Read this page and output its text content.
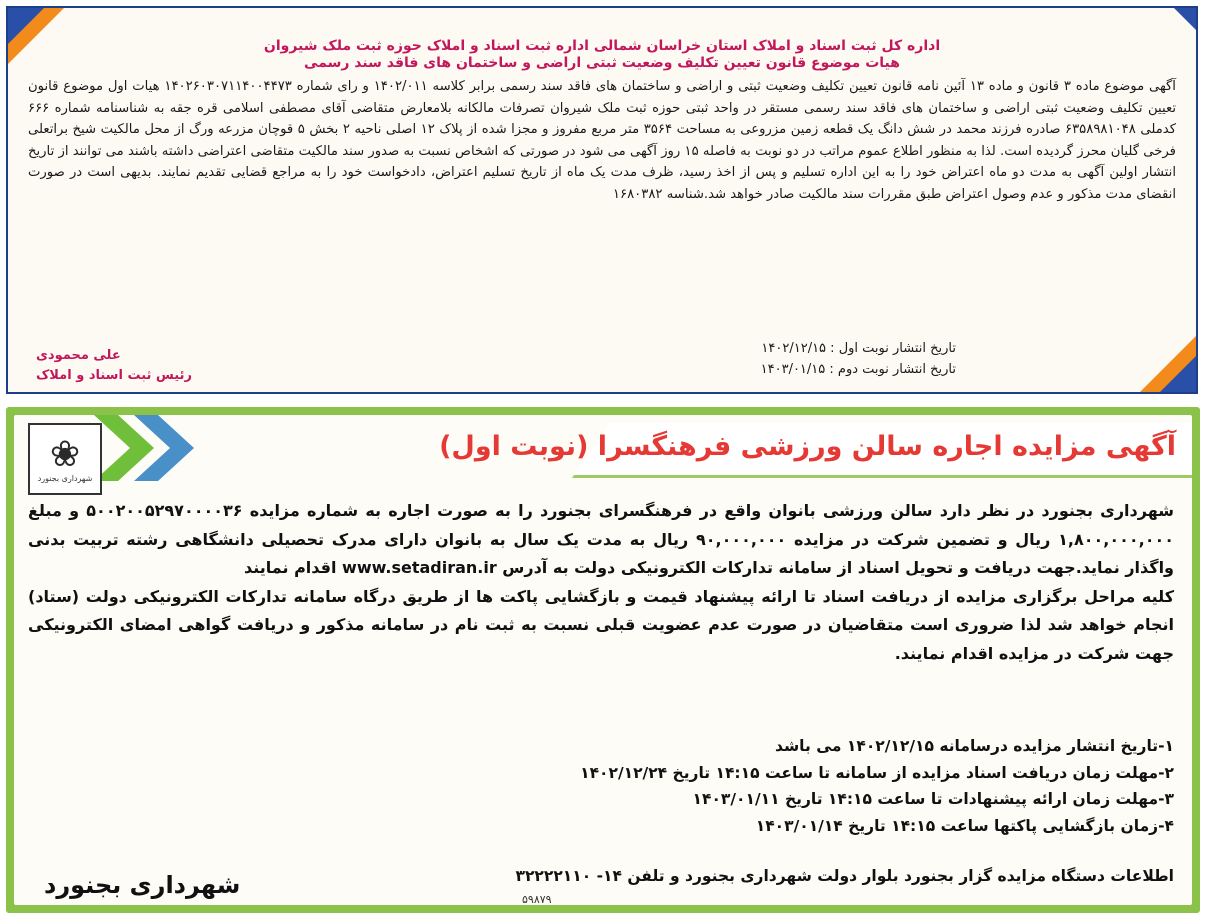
اداره کل ثبت اسناد و املاک استان خراسان شمالی اداره ثبت اسناد و املاک حوزه ثبت ملک شیروان
هیات موضوع قانون تعیین تکلیف وضعیت ثبتی اراضی و ساختمان های فاقد سند رسمی
آگهی موضوع ماده ۳ قانون و ماده ۱۳ آئین نامه قانون تعیین تکلیف وضعیت ثبتی و اراضی و ساختمان های فاقد سند رسمی برابر کلاسه ۱۴۰۲/۰۱۱ و رای شماره ۱۴۰۲۶۰۳۰۷۱۱۴۰۰۴۴۷۳ هیات اول موضوع قانون تعیین تکلیف وضعیت ثبتی اراضی و ساختمان های فاقد سند رسمی مستقر در واحد ثبتی حوزه ثبت ملک شیروان تصرفات مالکانه بلامعارض متقاضی آقای مصطفی اسلامی قره جقه به شناسنامه شماره ۶۶۶ کدملی ۶۳۵۸۹۸۱۰۴۸ صادره فرزند محمد در شش دانگ یک قطعه زمین مزروعی به مساحت ۳۵۶۴ متر مربع مفروز و مجزا شده از پلاک ۱۲ اصلی ناحیه ۲ بخش ۵ قوچان مزرعه ورگ از محل مالکیت شیخ براتعلی فرخی گلیان محرز گردیده است. لذا به منظور اطلاع عموم مراتب در دو نوبت به فاصله ۱۵ روز آگهی می شود در صورتی که اشخاص نسبت به صدور سند مالکیت متقاضی اعتراضی داشته باشند می توانند از تاریخ انتشار اولین آگهی به مدت دو ماه اعتراض خود را به این اداره تسلیم و پس از اخذ رسید، ظرف مدت یک ماه از تاریخ تسلیم اعتراض، دادخواست خود را به مراجع قضایی تقدیم نمایند. بدیهی است در صورت انقضای مدت مذکور و عدم وصول اعتراض طبق مقررات سند مالکیت صادر خواهد شد.شناسه ۱۶۸۰۳۸۲
تاریخ انتشار نوبت اول : ۱۴۰۲/۱۲/۱۵
تاریخ انتشار نوبت دوم : ۱۴۰۳/۰۱/۱۵
علی محمودی
رئیس ثبت اسناد و املاک
❀
شهرداری بجنورد
آگهی مزایده اجاره سالن ورزشی فرهنگسرا (نوبت اول)
شهرداری بجنورد در نظر دارد سالن ورزشی بانوان واقع در فرهنگسرای بجنورد را به صورت اجاره به شماره مزایده ۵۰۰۲۰۰۵۲۹۷۰۰۰۰۳۶ و مبلغ ۱,۸۰۰,۰۰۰,۰۰۰ ریال و تضمین شرکت در مزایده ۹۰,۰۰۰,۰۰۰ ریال به مدت یک سال به بانوان دارای مدرک تحصیلی دانشگاهی رشته تربیت بدنی واگذار نماید.جهت دریافت و تحویل اسناد از سامانه تدارکات الکترونیکی دولت به آدرس www.setadiran.ir اقدام نمایند
کلیه مراحل برگزاری مزایده از دریافت اسناد تا ارائه پیشنهاد قیمت و بازگشایی پاکت ها از طریق درگاه سامانه تدارکات الکترونیکی دولت (ستاد) انجام خواهد شد لذا ضروری است متقاضیان در صورت عدم عضویت قبلی نسبت به ثبت نام در سامانه مذکور و دریافت گواهی امضای الکترونیکی جهت شرکت در مزایده اقدام نمایند.
۱-تاریخ انتشار مزایده درسامانه ۱۴۰۲/۱۲/۱۵ می باشد
۲-مهلت زمان دریافت اسناد مزایده از سامانه تا ساعت ۱۴:۱۵ تاریخ ۱۴۰۲/۱۲/۲۴
۳-مهلت زمان ارائه پیشنهادات تا ساعت ۱۴:۱۵ تاریخ ۱۴۰۳/۰۱/۱۱
۴-زمان بازگشایی پاکتها ساعت ۱۴:۱۵ تاریخ ۱۴۰۳/۰۱/۱۴
اطلاعات دستگاه مزایده گزار بجنورد بلوار دولت شهرداری بجنورد و تلفن ۱۴- ۳۲۲۲۲۱۱۰
۵۹۸۷۹
شهرداری بجنورد
